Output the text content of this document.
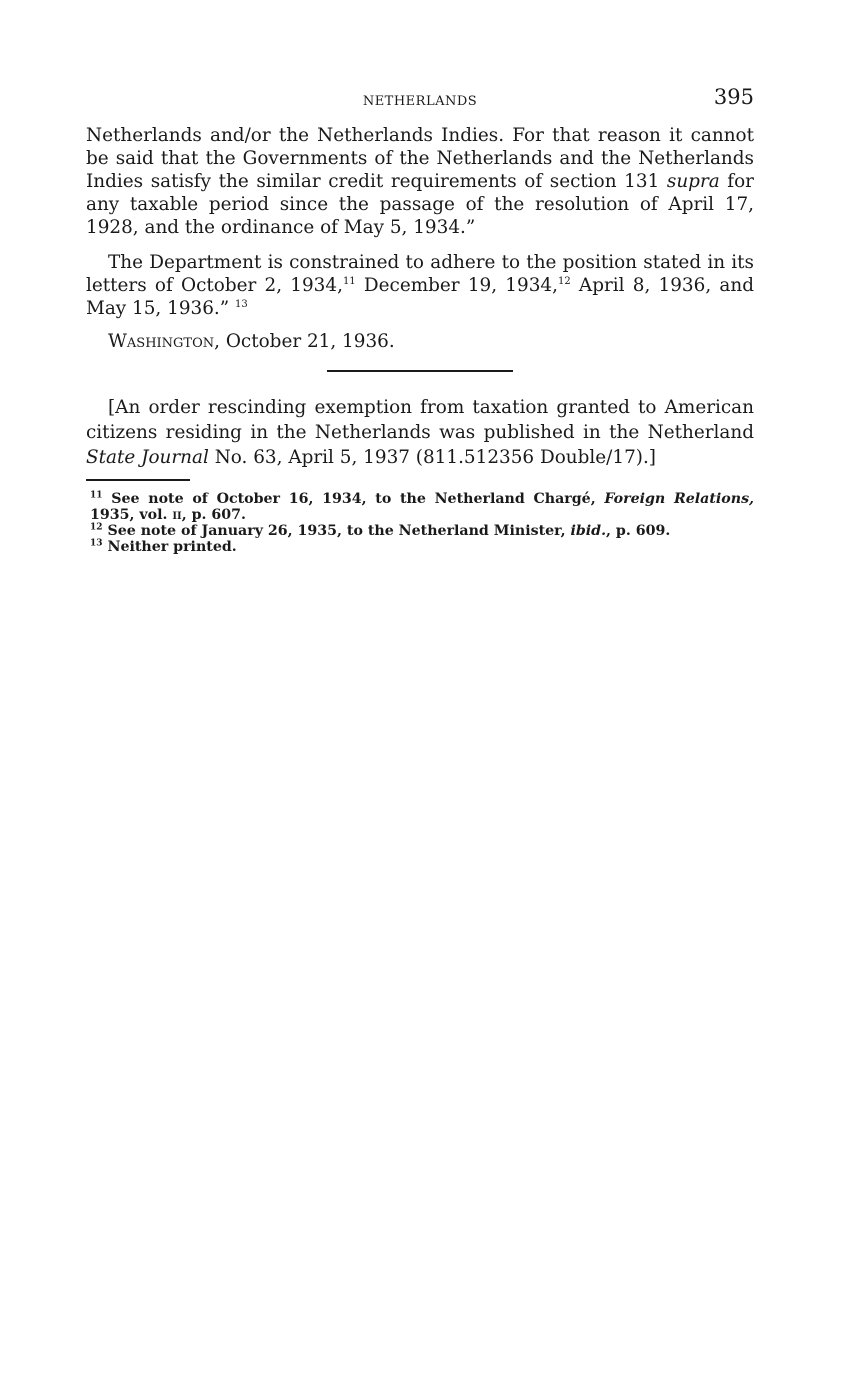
NETHERLANDS	395

Netherlands and/or the Netherlands Indies. For that reason it cannot be said that the Governments of the Netherlands and the Netherlands Indies satisfy the similar credit requirements of section 131 supra for any taxable period since the passage of the resolution of April 17, 1928, and the ordinance of May 5, 1934.”

The Department is constrained to adhere to the position stated in its letters of October 2, 1934,11 December 19, 1934,12 April 8, 1936, and May 15, 1936.” $^{13}$

Washington, October 21, 1936.

[An order rescinding exemption from taxation granted to American citizens residing in the Netherlands was published in the Netherland State Journal No. 63, April 5, 1937 (811.512356 Double/17).]

$^{11}$ See note of October 16, 1934, to the Netherland Chargé, Foreign Relations, 1935, vol. ii, p. 607.

$^{12}$ See note of January 26, 1935, to the Netherland Minister, ibid., p. 609.

$^{13}$ Neither printed.
